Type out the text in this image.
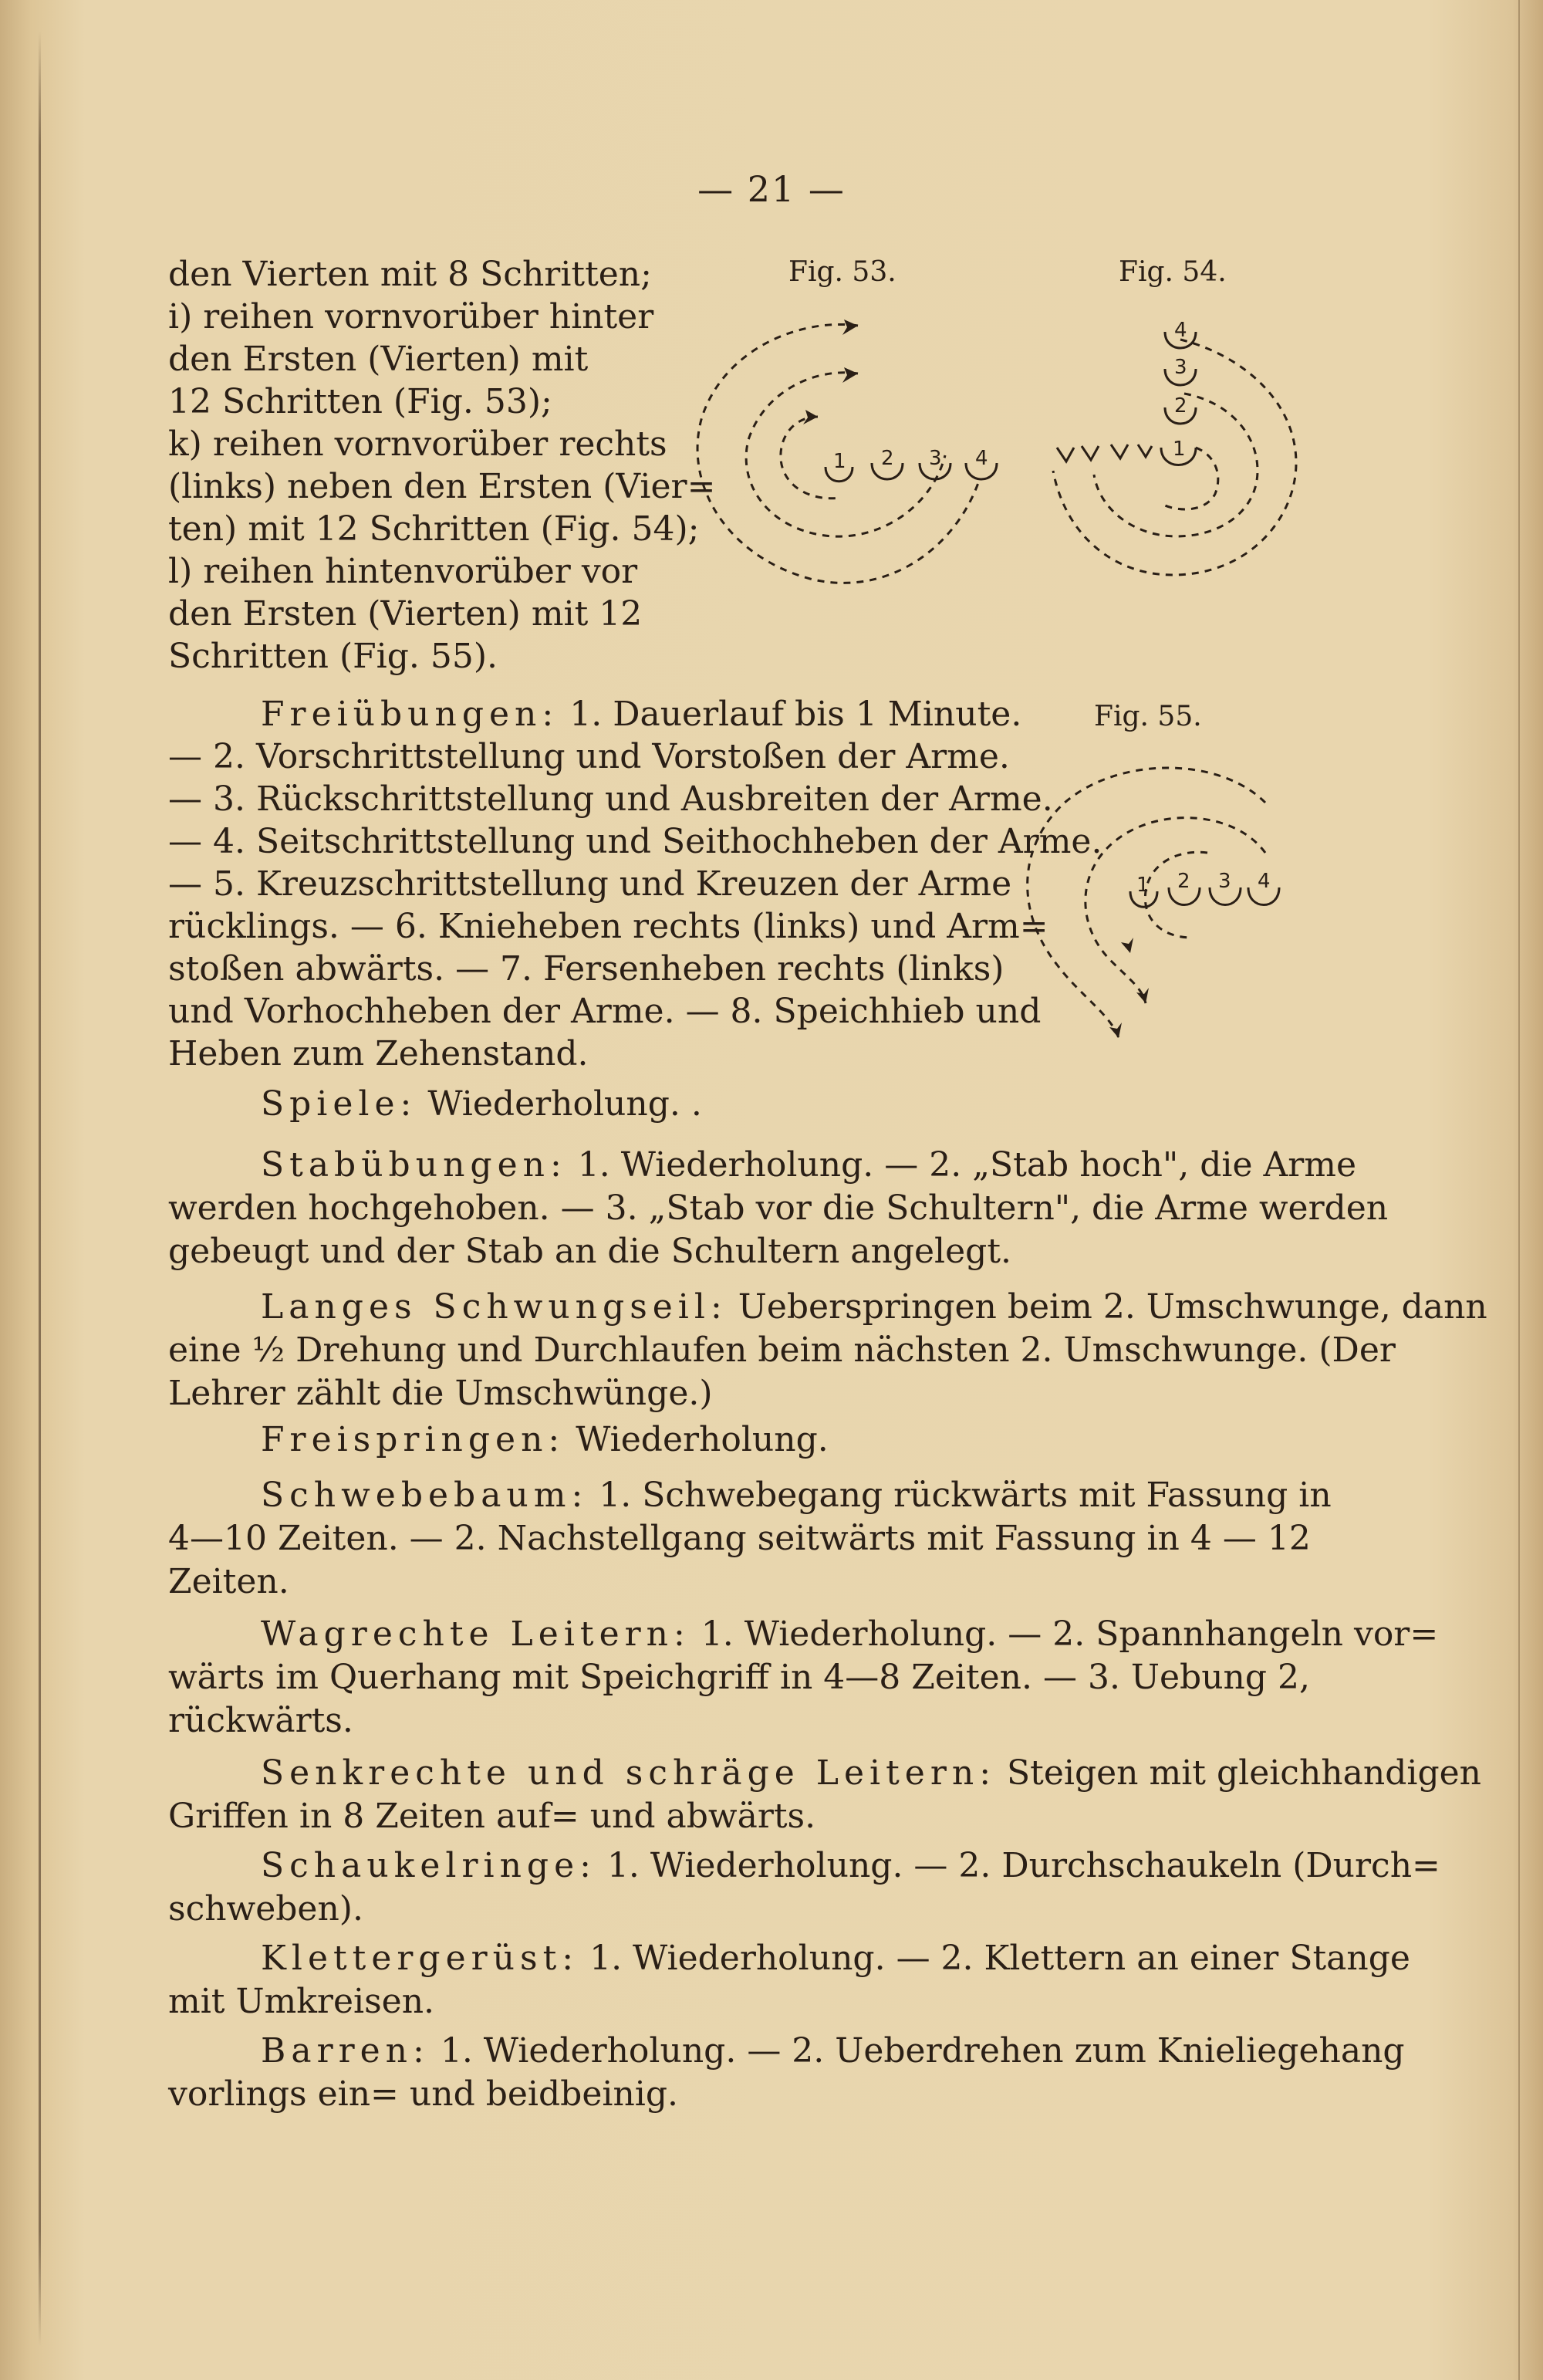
— 21 —
den Vierten mit 8 Schritten;
i) reihen vornvorüber hinter
den Ersten (Vierten) mit
12 Schritten (Fig. 53);
k) reihen vornvorüber rechts
(links) neben den Ersten (Vier=
ten) mit 12 Schritten (Fig. 54);
l) reihen hintenvorüber vor
den Ersten (Vierten) mit 12
Schritten (Fig. 55).
Fig. 53.
1 2 3 4
Fig. 54.
4
3
2
1
Fig. 55.
1 2 3 4
Freiübungen: 1. Dauerlauf bis 1 Minute.
— 2. Vorschrittstellung und Vorstoßen der Arme.
— 3. Rückschrittstellung und Ausbreiten der Arme.
— 4. Seitschrittstellung und Seithochheben der Arme.
— 5. Kreuzschrittstellung und Kreuzen der Arme
rücklings. — 6. Knieheben rechts (links) und Arm=
stoßen abwärts. — 7. Fersenheben rechts (links)
und Vorhochheben der Arme. — 8. Speichhieb und
Heben zum Zehenstand.
Spiele: Wiederholung. .
Stabübungen: 1. Wiederholung. — 2. „Stab hoch", die Arme
werden hochgehoben. — 3. „Stab vor die Schultern", die Arme werden
gebeugt und der Stab an die Schultern angelegt.
Langes Schwungseil: Ueberspringen beim 2. Umschwunge, dann
eine ½ Drehung und Durchlaufen beim nächsten 2. Umschwunge. (Der
Lehrer zählt die Umschwünge.)
Freispringen: Wiederholung.
Schwebebaum: 1. Schwebegang rückwärts mit Fassung in
4—10 Zeiten. — 2. Nachstellgang seitwärts mit Fassung in 4 — 12
Zeiten.
Wagrechte Leitern: 1. Wiederholung. — 2. Spannhangeln vor=
wärts im Querhang mit Speichgriff in 4—8 Zeiten. — 3. Uebung 2,
rückwärts.
Senkrechte und schräge Leitern: Steigen mit gleichhandigen
Griffen in 8 Zeiten auf= und abwärts.
Schaukelringe: 1. Wiederholung. — 2. Durchschaukeln (Durch=
schweben).
Klettergerüst: 1. Wiederholung. — 2. Klettern an einer Stange
mit Umkreisen.
Barren: 1. Wiederholung. — 2. Ueberdrehen zum Knieliegehang
vorlings ein= und beidbeinig.
